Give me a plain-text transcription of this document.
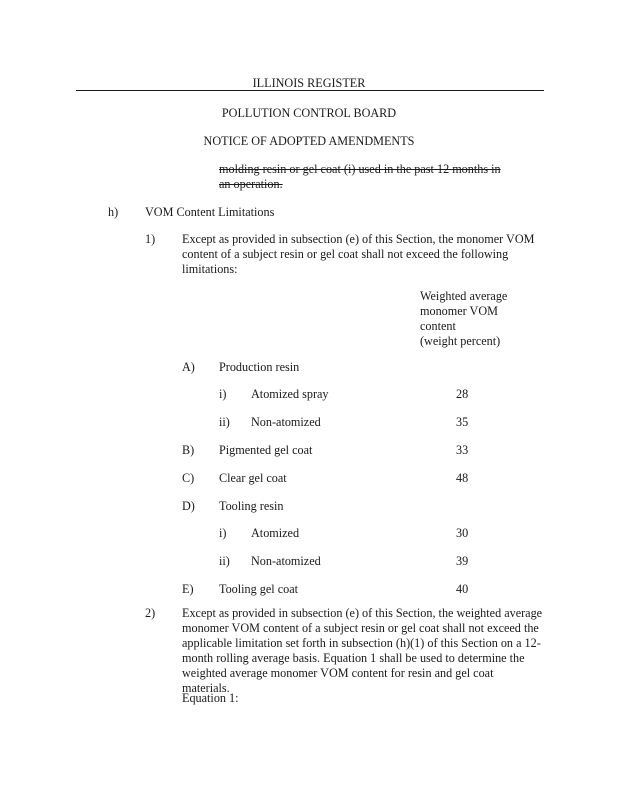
ILLINOIS REGISTER
POLLUTION CONTROL BOARD
NOTICE OF ADOPTED AMENDMENTS
molding resin or gel coat (i) used in the past 12 months in
an operation.
h) VOM Content Limitations
1) Except as provided in subsection (e) of this Section, the monomer VOM content of a subject resin or gel coat shall not exceed the following limitations:
Weighted average
monomer VOM
content
(weight percent)
A) Production resin
i) Atomized spray	28
ii) Non-atomized	35
B) Pigmented gel coat	33
C) Clear gel coat	48
D) Tooling resin
i) Atomized	30
ii) Non-atomized	39
E) Tooling gel coat	40
2) Except as provided in subsection (e) of this Section, the weighted average monomer VOM content of a subject resin or gel coat shall not exceed the applicable limitation set forth in subsection (h)(1) of this Section on a 12-month rolling average basis. Equation 1 shall be used to determine the weighted average monomer VOM content for resin and gel coat materials.
Equation 1:
